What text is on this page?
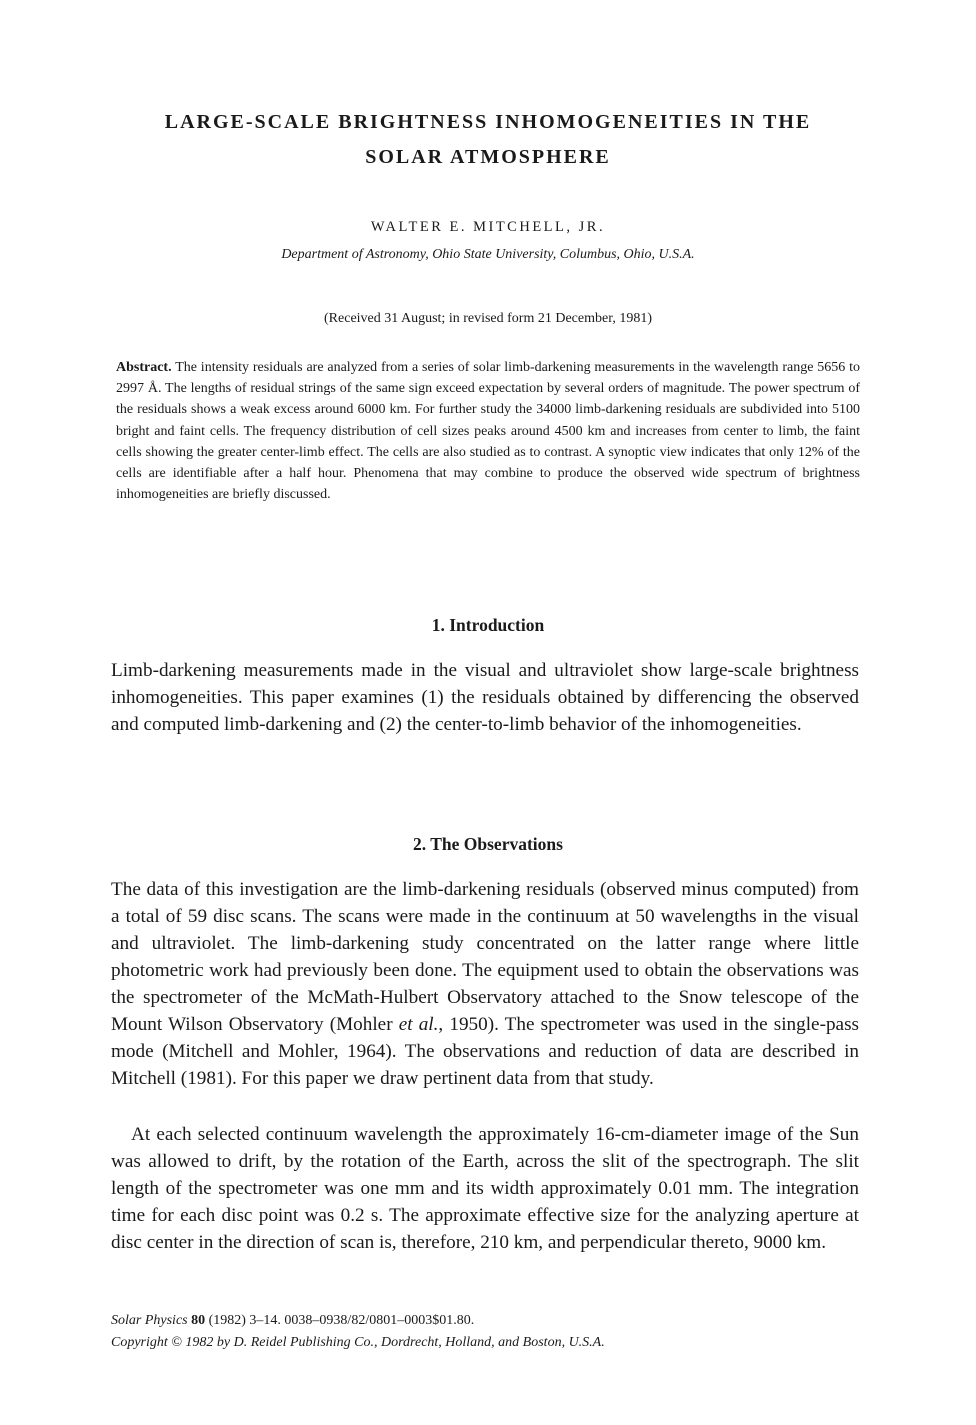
LARGE-SCALE BRIGHTNESS INHOMOGENEITIES IN THE
SOLAR ATMOSPHERE
WALTER E. MITCHELL, JR.
Department of Astronomy, Ohio State University, Columbus, Ohio, U.S.A.
(Received 31 August; in revised form 21 December, 1981)
Abstract. The intensity residuals are analyzed from a series of solar limb-darkening measurements in the wavelength range 5656 to 2997 Å. The lengths of residual strings of the same sign exceed expectation by several orders of magnitude. The power spectrum of the residuals shows a weak excess around 6000 km. For further study the 34000 limb-darkening residuals are subdivided into 5100 bright and faint cells. The frequency distribution of cell sizes peaks around 4500 km and increases from center to limb, the faint cells showing the greater center-limb effect. The cells are also studied as to contrast. A synoptic view indicates that only 12% of the cells are identifiable after a half hour. Phenomena that may combine to produce the observed wide spectrum of brightness inhomogeneities are briefly discussed.
1. Introduction
Limb-darkening measurements made in the visual and ultraviolet show large-scale brightness inhomogeneities. This paper examines (1) the residuals obtained by differencing the observed and computed limb-darkening and (2) the center-to-limb behavior of the inhomogeneities.
2. The Observations
The data of this investigation are the limb-darkening residuals (observed minus computed) from a total of 59 disc scans. The scans were made in the continuum at 50 wavelengths in the visual and ultraviolet. The limb-darkening study concentrated on the latter range where little photometric work had previously been done. The equipment used to obtain the observations was the spectrometer of the McMath-Hulbert Observatory attached to the Snow telescope of the Mount Wilson Observatory (Mohler et al., 1950). The spectrometer was used in the single-pass mode (Mitchell and Mohler, 1964). The observations and reduction of data are described in Mitchell (1981). For this paper we draw pertinent data from that study.
At each selected continuum wavelength the approximately 16-cm-diameter image of the Sun was allowed to drift, by the rotation of the Earth, across the slit of the spectrograph. The slit length of the spectrometer was one mm and its width approximately 0.01 mm. The integration time for each disc point was 0.2 s. The approximate effective size for the analyzing aperture at disc center in the direction of scan is, therefore, 210 km, and perpendicular thereto, 9000 km.
Solar Physics 80 (1982) 3–14. 0038–0938/82/0801–0003$01.80.
Copyright © 1982 by D. Reidel Publishing Co., Dordrecht, Holland, and Boston, U.S.A.
